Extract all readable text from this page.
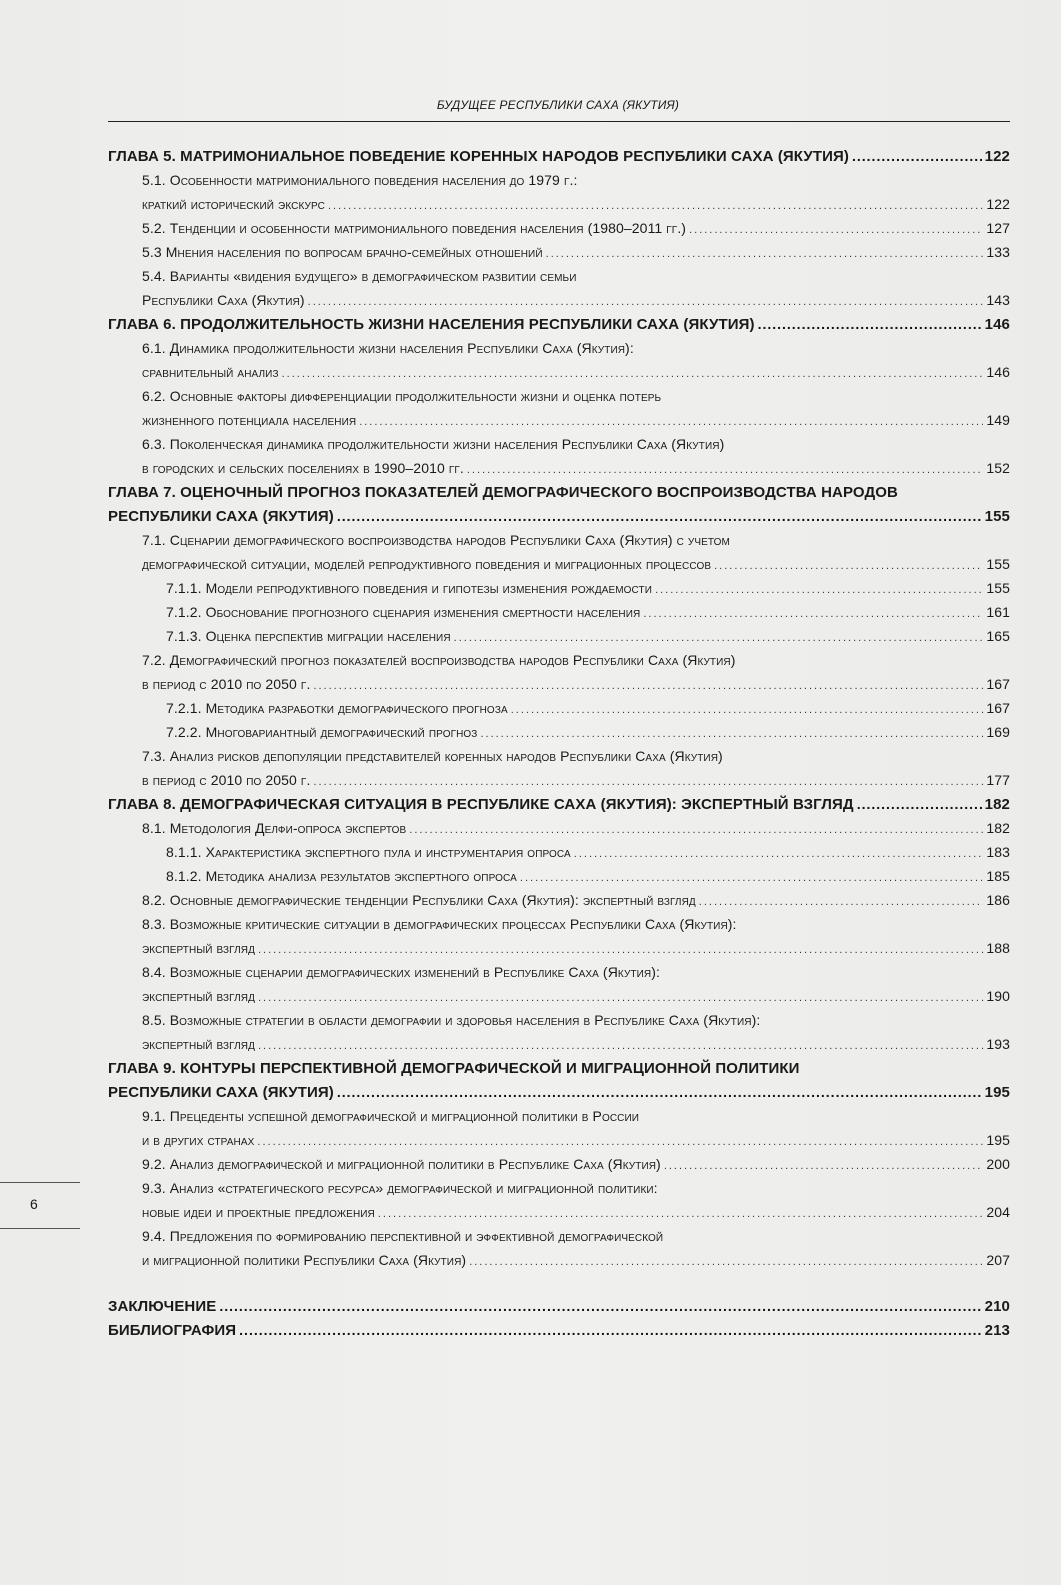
БУДУЩЕЕ РЕСПУБЛИКИ САХА (ЯКУТИЯ)
ГЛАВА 5. МАТРИМОНИАЛЬНОЕ ПОВЕДЕНИЕ КОРЕННЫХ НАРОДОВ РЕСПУБЛИКИ САХА (ЯКУТИЯ) .....	122
5.1. Особенности матримониального поведения населения до 1979 г.:
краткий исторический экскурс .....	122
5.2. Тенденции и особенности матримониального поведения населения (1980–2011 гг.) .....	127
5.3 Мнения населения по вопросам брачно-семейных отношений .....	133
5.4. Варианты «видения будущего» в демографическом развитии семьи
Республики Саха (Якутия) .....	143
ГЛАВА 6. ПРОДОЛЖИТЕЛЬНОСТЬ ЖИЗНИ НАСЕЛЕНИЯ РЕСПУБЛИКИ САХА (ЯКУТИЯ) .....	146
6.1. Динамика продолжительности жизни населения Республики Саха (Якутия):
сравнительный анализ .....	146
6.2. Основные факторы дифференциации продолжительности жизни и оценка потерь
жизненного потенциала населения .....	149
6.3. Поколенческая динамика продолжительности жизни населения Республики Саха (Якутия)
в городских и сельских поселениях в 1990–2010 гг. .....	152
ГЛАВА 7. ОЦЕНОЧНЫЙ ПРОГНОЗ ПОКАЗАТЕЛЕЙ ДЕМОГРАФИЧЕСКОГО ВОСПРОИЗВОДСТВА НАРОДОВ
РЕСПУБЛИКИ САХА (ЯКУТИЯ) .....	155
7.1. Сценарии демографического воспроизводства народов Республики Саха (Якутия) с учетом
демографической ситуации, моделей репродуктивного поведения и миграционных процессов .....	155
7.1.1. Модели репродуктивного поведения и гипотезы изменения рождаемости .....	155
7.1.2. Обоснование прогнозного сценария изменения смертности населения .....	161
7.1.3. Оценка перспектив миграции населения .....	165
7.2. Демографический прогноз показателей воспроизводства народов Республики Саха (Якутия)
в период с 2010 по 2050 г. .....	167
7.2.1. Методика разработки демографического прогноза .....	167
7.2.2. Многовариантный демографический прогноз .....	169
7.3. Анализ рисков депопуляции представителей коренных народов Республики Саха (Якутия)
в период с 2010 по 2050 г. .....	177
ГЛАВА 8. ДЕМОГРАФИЧЕСКАЯ СИТУАЦИЯ В РЕСПУБЛИКЕ САХА (ЯКУТИЯ): ЭКСПЕРТНЫЙ ВЗГЛЯД .....	182
8.1. Методология Делфи-опроса экспертов .....	182
8.1.1. Характеристика экспертного пула и инструментария опроса .....	183
8.1.2. Методика анализа результатов экспертного опроса .....	185
8.2. Основные демографические тенденции Республики Саха (Якутия): экспертный взгляд .....	186
8.3. Возможные критические ситуации в демографических процессах Республики Саха (Якутия):
экспертный взгляд .....	188
8.4. Возможные сценарии демографических изменений в Республике Саха (Якутия):
экспертный взгляд .....	190
8.5. Возможные стратегии в области демографии и здоровья населения в Республике Саха (Якутия):
экспертный взгляд .....	193
ГЛАВА 9. КОНТУРЫ ПЕРСПЕКТИВНОЙ ДЕМОГРАФИЧЕСКОЙ И МИГРАЦИОННОЙ ПОЛИТИКИ
РЕСПУБЛИКИ САХА (ЯКУТИЯ) .....	195
9.1. Прецеденты успешной демографической и миграционной политики в России
и в других странах .....	195
9.2. Анализ демографической и миграционной политики в Республике Саха (Якутия) .....	200
9.3. Анализ «стратегического ресурса» демографической и миграционной политики:
новые идеи и проектные предложения .....	204
9.4. Предложения по формированию перспективной и эффективной демографической
и миграционной политики Республики Саха (Якутия) .....	207
ЗАКЛЮЧЕНИЕ .....	210
БИБЛИОГРАФИЯ .....	213
6
